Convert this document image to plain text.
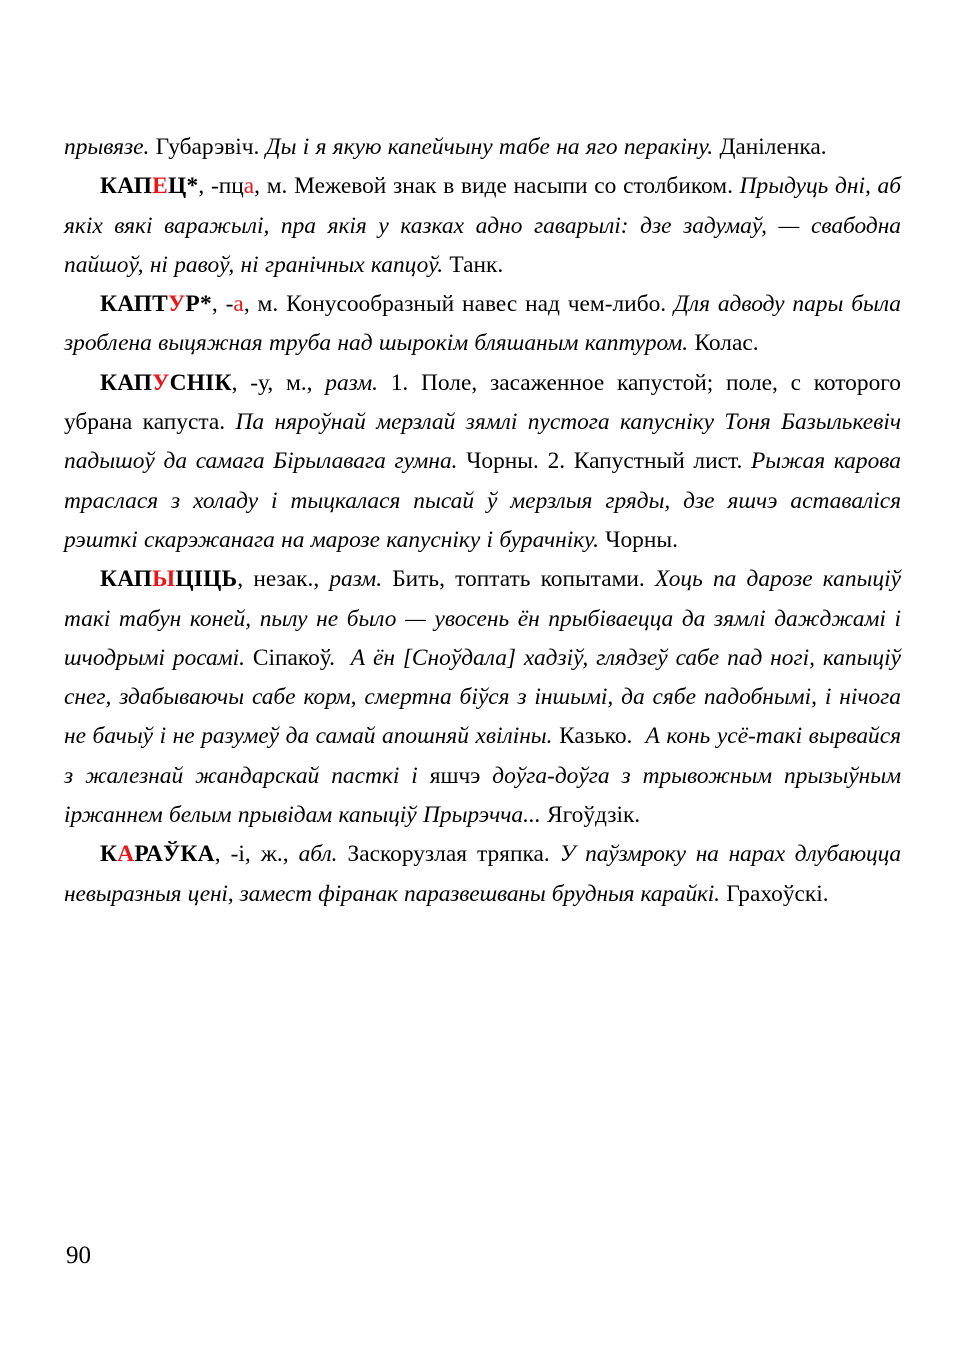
прывязе. Губарэвіч. Ды і я якую капейчыну табе на яго перакіну. Даніленка.

КАПЕЦ*, -пца, м. Межевой знак в виде насыпи со столбиком. Прыдуць дні, аб якіх вякі варажылі, пра якія у казках адно гаварылі: дзе задумаў, — свабодна пайшоў, ні равоў, ні гранічных капцоў. Танк.

КАПТУР*, -а, м. Конусообразный навес над чем-либо. Для адводу пары была зроблена выцяжная труба над шырокім бляшаным каптуром. Колас.

КАПУСНІК, -у, м., разм. 1. Поле, засаженное капустой; поле, с которого убрана капуста. Па няроўнай мерзлай зямлі пустога капусніку Тоня Базылькевіч падышоў да самага Бірылавага гумна. Чорны. 2. Капустный лист. Рыжая карова траслася з холаду і тыцкалася пысай ў мерзлыя гряды, дзе яшчэ аставаліся рэшткі скарэжанага на марозе капусніку і бурачніку. Чорны.

КАПЫЦІЦЬ, незак., разм. Бить, топтать копытами. Хоць па дарозе капыціў такі табун коней, пылу не было — увосень ён прыбіваецца да зямлі дажджамі і шчодрымі росамі. Сіпакоў. А ён [Сноўдала] хадзіў, глядзеў сабе пад ногі, капыціў снег, здабываючы сабе корм, смертна біўся з іншымі, да сябе падобнымі, і нічога не бачыў і не разумеў да самай апошняй хвіліны. Казько. А конь усё-такі вырвайся з жалезнай жандарскай пасткі і яшчэ доўга-доўга з трывожным прызыўным іржаннем белым прывідам капыціў Прырэчча... Ягоўдзік.

КАРАЎКА, -і, ж., абл. Заскорузлая тряпка. У паўзмроку на нарах длубаюцца невыразныя цені, замест фіранак паразвешваны брудныя карайкі. Грахоўскі.

90
